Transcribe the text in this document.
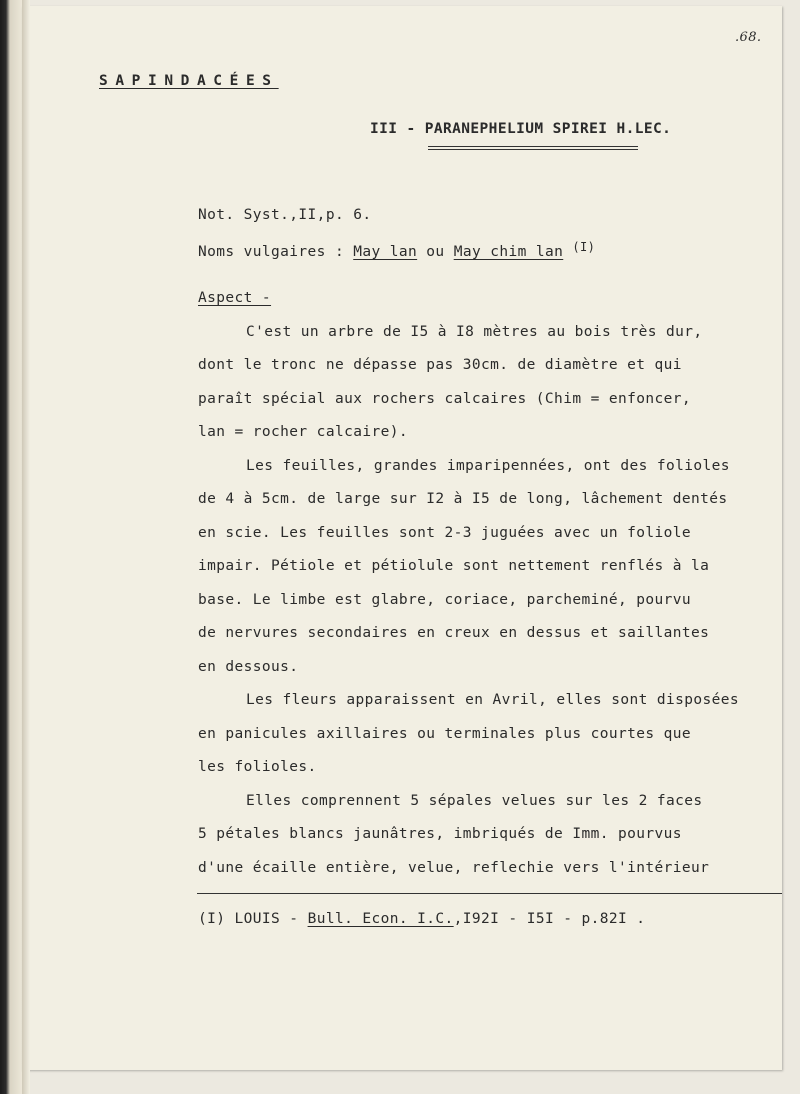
.68.
SAPINDACÉES
III - PARANEPHELIUM SPIREI H.LEC.
Not. Syst.,II,p. 6.
Noms vulgaires : May lan ou May chim lan $^{(I)}$
Aspect -
C'est un arbre de I5 à I8 mètres au bois très dur,
dont le tronc ne dépasse pas 30cm. de diamètre et qui
paraît spécial aux rochers calcaires (Chim = enfoncer,
lan = rocher calcaire).
Les feuilles, grandes imparipennées, ont des folioles
de 4 à 5cm. de large sur I2 à I5 de long, lâchement dentés
en scie. Les feuilles sont 2-3 juguées avec un foliole
impair. Pétiole et pétiolule sont nettement renflés à la
base. Le limbe est glabre, coriace, parcheminé, pourvu
de nervures secondaires en creux en dessus et saillantes
en dessous.
Les fleurs apparaissent en Avril, elles sont disposées
en panicules axillaires ou terminales plus courtes que
les folioles.
Elles comprennent 5 sépales velues sur les 2 faces
5 pétales blancs jaunâtres, imbriqués de Imm. pourvus
d'une écaille entière, velue, reflechie vers l'intérieur
(I) LOUIS - Bull. Econ. I.C.,I92I - I5I - p.82I .
